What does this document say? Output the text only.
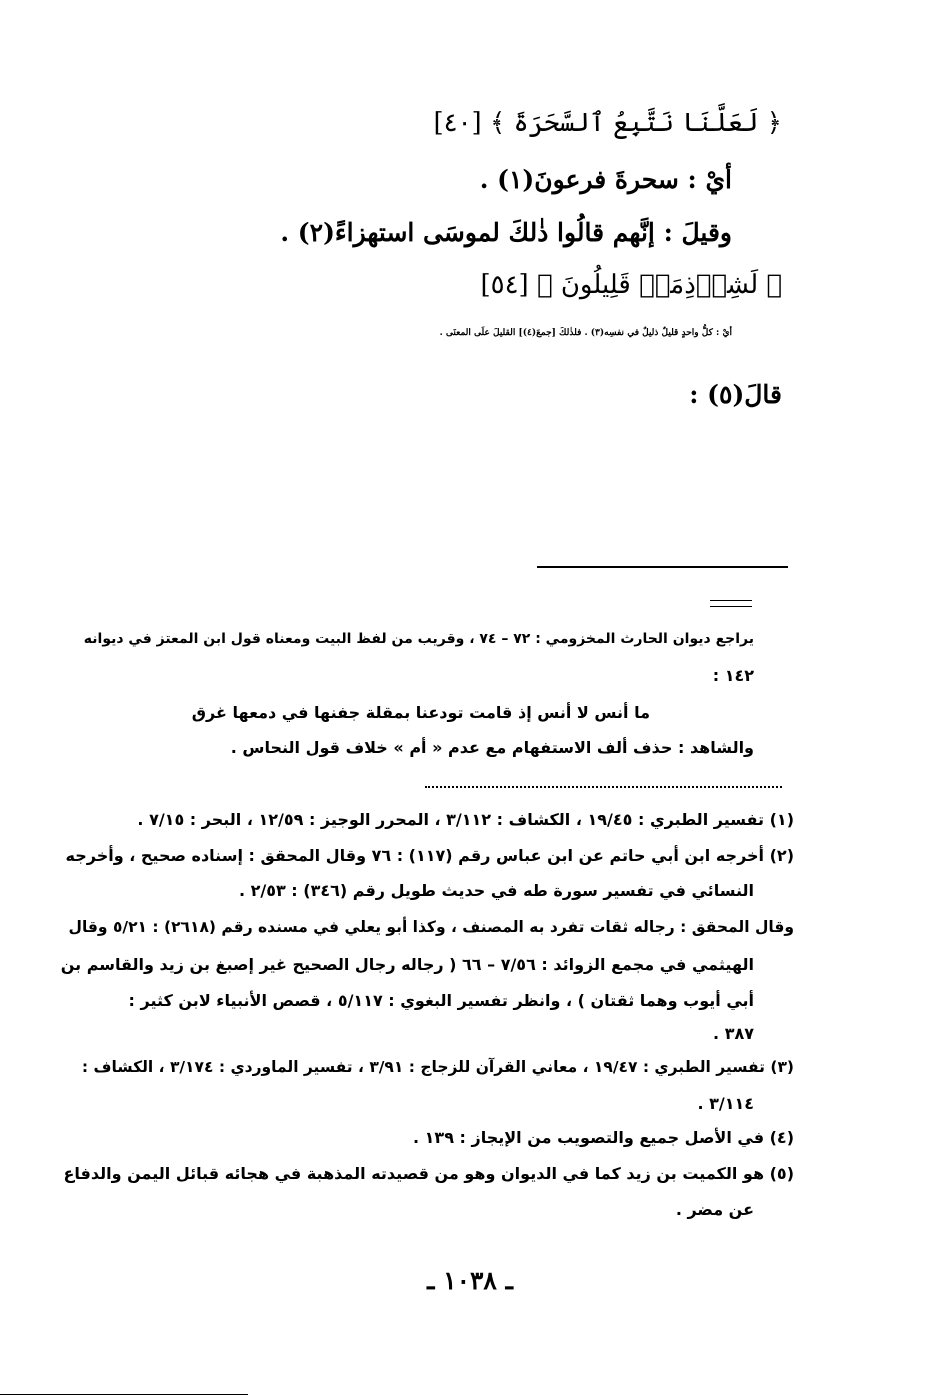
﴿ لَعَلَّنَا نَتَّبِعُ ٱلسَّحَرَةَ ﴾ [٤٠]
أيْ : سحرةَ فرعونَ(١) .
وقيلَ : إنَّهم قالُوا ذٰلكَ لموسَى استهزاءً(٢) .
﴿ لَشِرۡذِمَةٞ قَلِيلُونَ ﴾ [٥٤]
أيْ : كلُّ واحدٍ قليلٌ ذليلٌ في نفسِه(٣) . فلذٰلكَ [جمعَ(٤)] القليلَ علَى المعنَى .
قالَ(٥) :
يراجع ديوان الحارث المخزومي : ٧٢ – ٧٤ ، وقريب من لفظ البيت ومعناه قول ابن المعتز في ديوانه
١٤٢ :
ما أنس لا أنس إذ قامت تودعنا بمقلة جفنها في دمعها غرق
والشاهد : حذف ألف الاستفهام مع عدم « أم » خلاف قول النحاس .
(١) تفسير الطبري : ١٩/٤٥ ، الكشاف : ٣/١١٢ ، المحرر الوجيز : ١٢/٥٩ ، البحر : ٧/١٥ .
(٢) أخرجه ابن أبي حاتم عن ابن عباس رقم (١١٧) : ٧٦ وقال المحقق : إسناده صحيح ، وأخرجه
النسائي في تفسير سورة طه في حديث طويل رقم (٣٤٦) : ٢/٥٣ .
وقال المحقق : رجاله ثقات تفرد به المصنف ، وكذا أبو يعلي في مسنده رقم (٢٦١٨) : ٥/٢١ وقال
الهيثمي في مجمع الزوائد : ٧/٥٦ – ٦٦ ( رجاله رجال الصحيح غير إصبغ بن زيد والقاسم بن
أبي أيوب وهما ثقتان ) ، وانظر تفسير البغوي : ٥/١١٧ ، قصص الأنبياء لابن كثير :
٣٨٧ .
(٣) تفسير الطبري : ١٩/٤٧ ، معاني القرآن للزجاج : ٣/٩١ ، تفسير الماوردي : ٣/١٧٤ ، الكشاف :
٣/١١٤ .
(٤) في الأصل جميع والتصويب من الإيجاز : ١٣٩ .
(٥) هو الكميت بن زيد كما في الديوان وهو من قصيدته المذهبة في هجائه قبائل اليمن والدفاع
عن مضر .
ـ ١٠٣٨ ـ
